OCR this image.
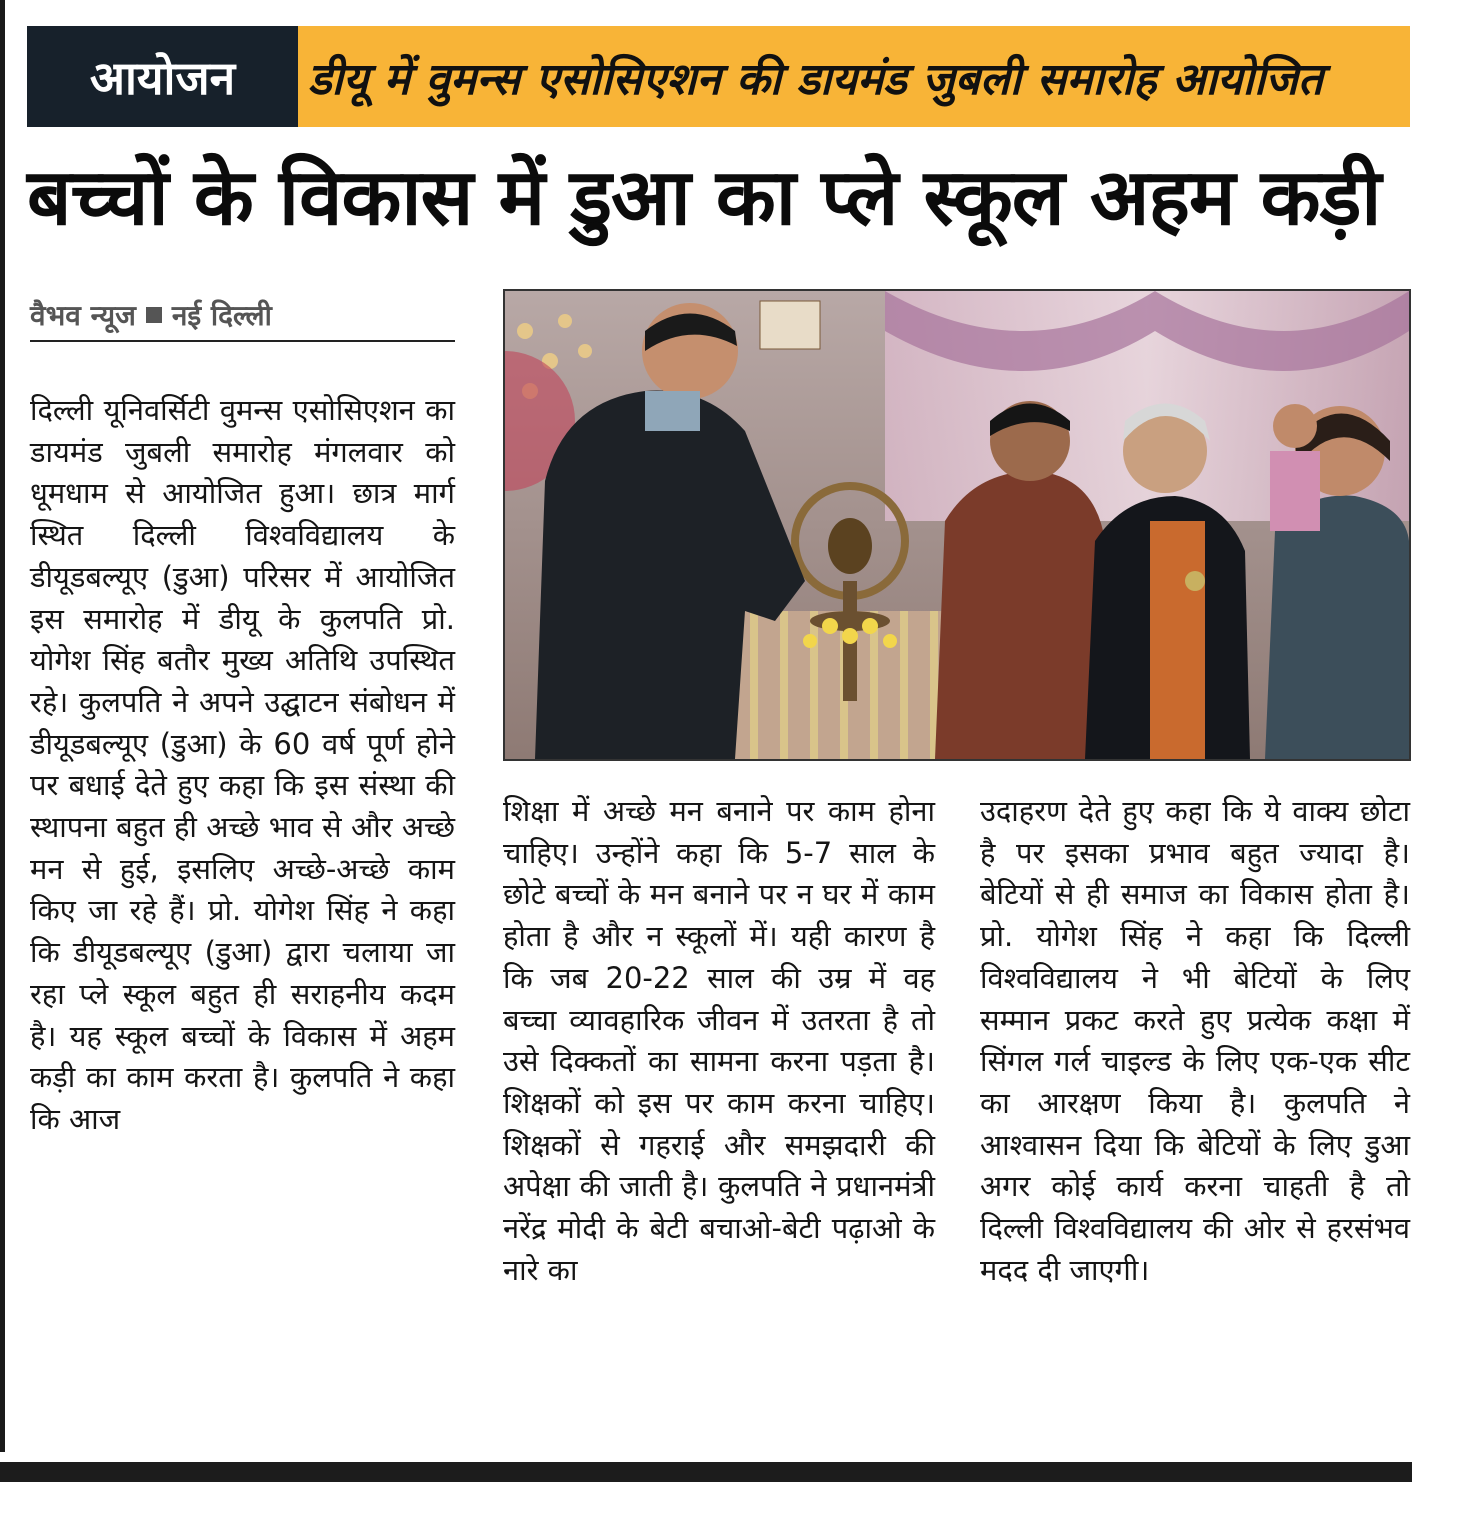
आयोजन डीयू में वुमन्स एसोसिएशन की डायमंड जुबली समारोह आयोजित
बच्चों के विकास में डुआ का प्ले स्कूल अहम कड़ी
वैभव न्यूज नई दिल्ली

दिल्ली यूनिवर्सिटी वुमन्स एसोसिएशन का डायमंड जुबली समारोह मंगलवार को धूमधाम से आयोजित हुआ। छात्र मार्ग स्थित दिल्ली विश्वविद्यालय के डीयूडबल्यूए (डुआ) परिसर में आयोजित इस समारोह में डीयू के कुलपति प्रो. योगेश सिंह बतौर मुख्य अतिथि उपस्थित रहे। कुलपति ने अपने उद्घाटन संबोधन में डीयूडबल्यूए (डुआ) के 60 वर्ष पूर्ण होने पर बधाई देते हुए कहा कि इस संस्था की स्थापना बहुत ही अच्छे भाव से और अच्छे मन से हुई, इसलिए अच्छे-अच्छे काम किए जा रहे हैं। प्रो. योगेश सिंह ने कहा कि डीयूडबल्यूए (डुआ) द्वारा चलाया जा रहा प्ले स्कूल बहुत ही सराहनीय कदम है। यह स्कूल बच्चों के विकास में अहम कड़ी का काम करता है। कुलपति ने कहा कि आज

शिक्षा में अच्छे मन बनाने पर काम होना चाहिए। उन्होंने कहा कि 5-7 साल के छोटे बच्चों के मन बनाने पर न घर में काम होता है और न स्कूलों में। यही कारण है कि जब 20-22 साल की उम्र में वह बच्चा व्यावहारिक जीवन में उतरता है तो उसे दिक्कतों का सामना करना पड़ता है। शिक्षकों को इस पर काम करना चाहिए। शिक्षकों से गहराई और समझदारी की अपेक्षा की जाती है। कुलपति ने प्रधानमंत्री नरेंद्र मोदी के बेटी बचाओ-बेटी पढ़ाओ के नारे का

उदाहरण देते हुए कहा कि ये वाक्य छोटा है पर इसका प्रभाव बहुत ज्यादा है। बेटियों से ही समाज का विकास होता है। प्रो. योगेश सिंह ने कहा कि दिल्ली विश्वविद्यालय ने भी बेटियों के लिए सम्मान प्रकट करते हुए प्रत्येक कक्षा में सिंगल गर्ल चाइल्ड के लिए एक-एक सीट का आरक्षण किया है। कुलपति ने आश्वासन दिया कि बेटियों के लिए डुआ अगर कोई कार्य करना चाहती है तो दिल्ली विश्वविद्यालय की ओर से हरसंभव मदद दी जाएगी।
